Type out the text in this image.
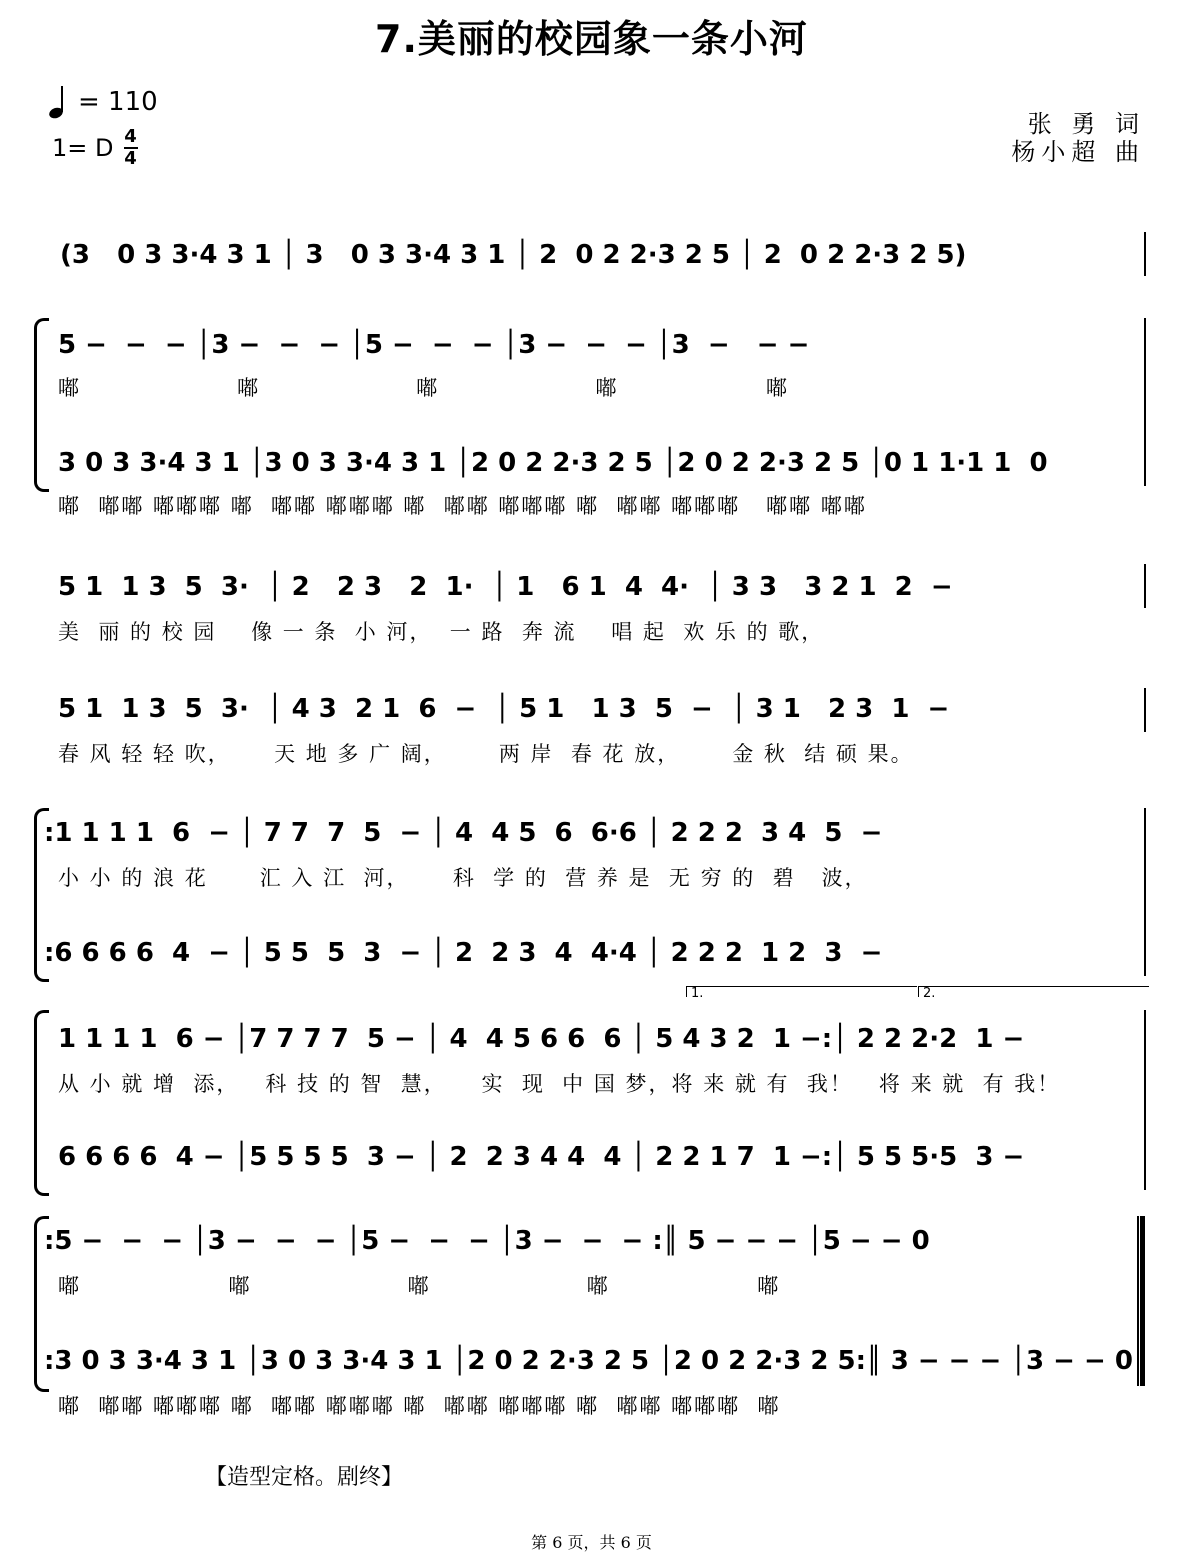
7.美丽的校园象一条小河
= 110
1= D $\frac{4}{4}$
张 勇 词
杨小超 曲
(3   0 3 3·4 3 1 │ 3   0 3 3·4 3 1 │ 2  0 2 2·3 2 5 │ 2  0 2 2·3 2 5)
5 −  −  − │3 −  −  − │5 −  −  − │3 −  −  − │3  −   − −
嘟                  嘟                  嘟                  嘟                 嘟
3 0 3 3·4 3 1 │3 0 3 3·4 3 1 │2 0 2 2·3 2 5 │2 0 2 2·3 2 5 │0 1 1·1 1  0
嘟  嘟嘟 嘟嘟嘟 嘟  嘟嘟 嘟嘟嘟 嘟  嘟嘟 嘟嘟嘟 嘟  嘟嘟 嘟嘟嘟   嘟嘟 嘟嘟
5 1  1 3  5  3·  │ 2   2 3   2  1·  │ 1   6 1  4  4·  │ 3 3   3 2 1  2  −
美  丽 的 校 园    像 一 条  小 河，  一 路  奔 流    唱 起  欢 乐 的 歌，
5 1  1 3  5  3·  │ 4 3  2 1  6  −  │ 5 1   1 3  5  −  │ 3 1   2 3  1  −
春 风 轻 轻 吹，     天 地 多 广 阔，      两 岸  春 花 放，      金 秋  结 硕 果。
:1 1 1 1  6  − │ 7 7  7  5  − │ 4  4 5  6  6·6 │ 2 2 2  3 4  5  −
小 小 的 浪 花      汇 入 江  河，     科  学 的  营 养 是  无 穷 的  碧   波，
:6 6 6 6  4  − │ 5 5  5  3  − │ 2  2 3  4  4·4 │ 2 2 2  1 2  3  −
1.	2.
1 1 1 1  6 − │7 7 7 7  5 − │ 4  4 5 6 6  6 │ 5 4 3 2  1 −:│ 2 2 2·2  1 −
从 小 就 增  添，   科 技 的 智  慧，    实  现  中 国 梦，将 来 就 有  我！   将 来 就  有 我！
6 6 6 6  4 − │5 5 5 5  3 − │ 2  2 3 4 4  4 │ 2 2 1 7  1 −:│ 5 5 5·5  3 −
:5 −  −  − │3 −  −  − │5 −  −  − │3 −  −  − :║ 5 − − − │5 − − 0
嘟                 嘟                  嘟                  嘟                 嘟
:3 0 3 3·4 3 1 │3 0 3 3·4 3 1 │2 0 2 2·3 2 5 │2 0 2 2·3 2 5:║ 3 − − − │3 − − 0
嘟  嘟嘟 嘟嘟嘟 嘟  嘟嘟 嘟嘟嘟 嘟  嘟嘟 嘟嘟嘟 嘟  嘟嘟 嘟嘟嘟  嘟
【造型定格。剧终】
第 6 页，共 6 页
